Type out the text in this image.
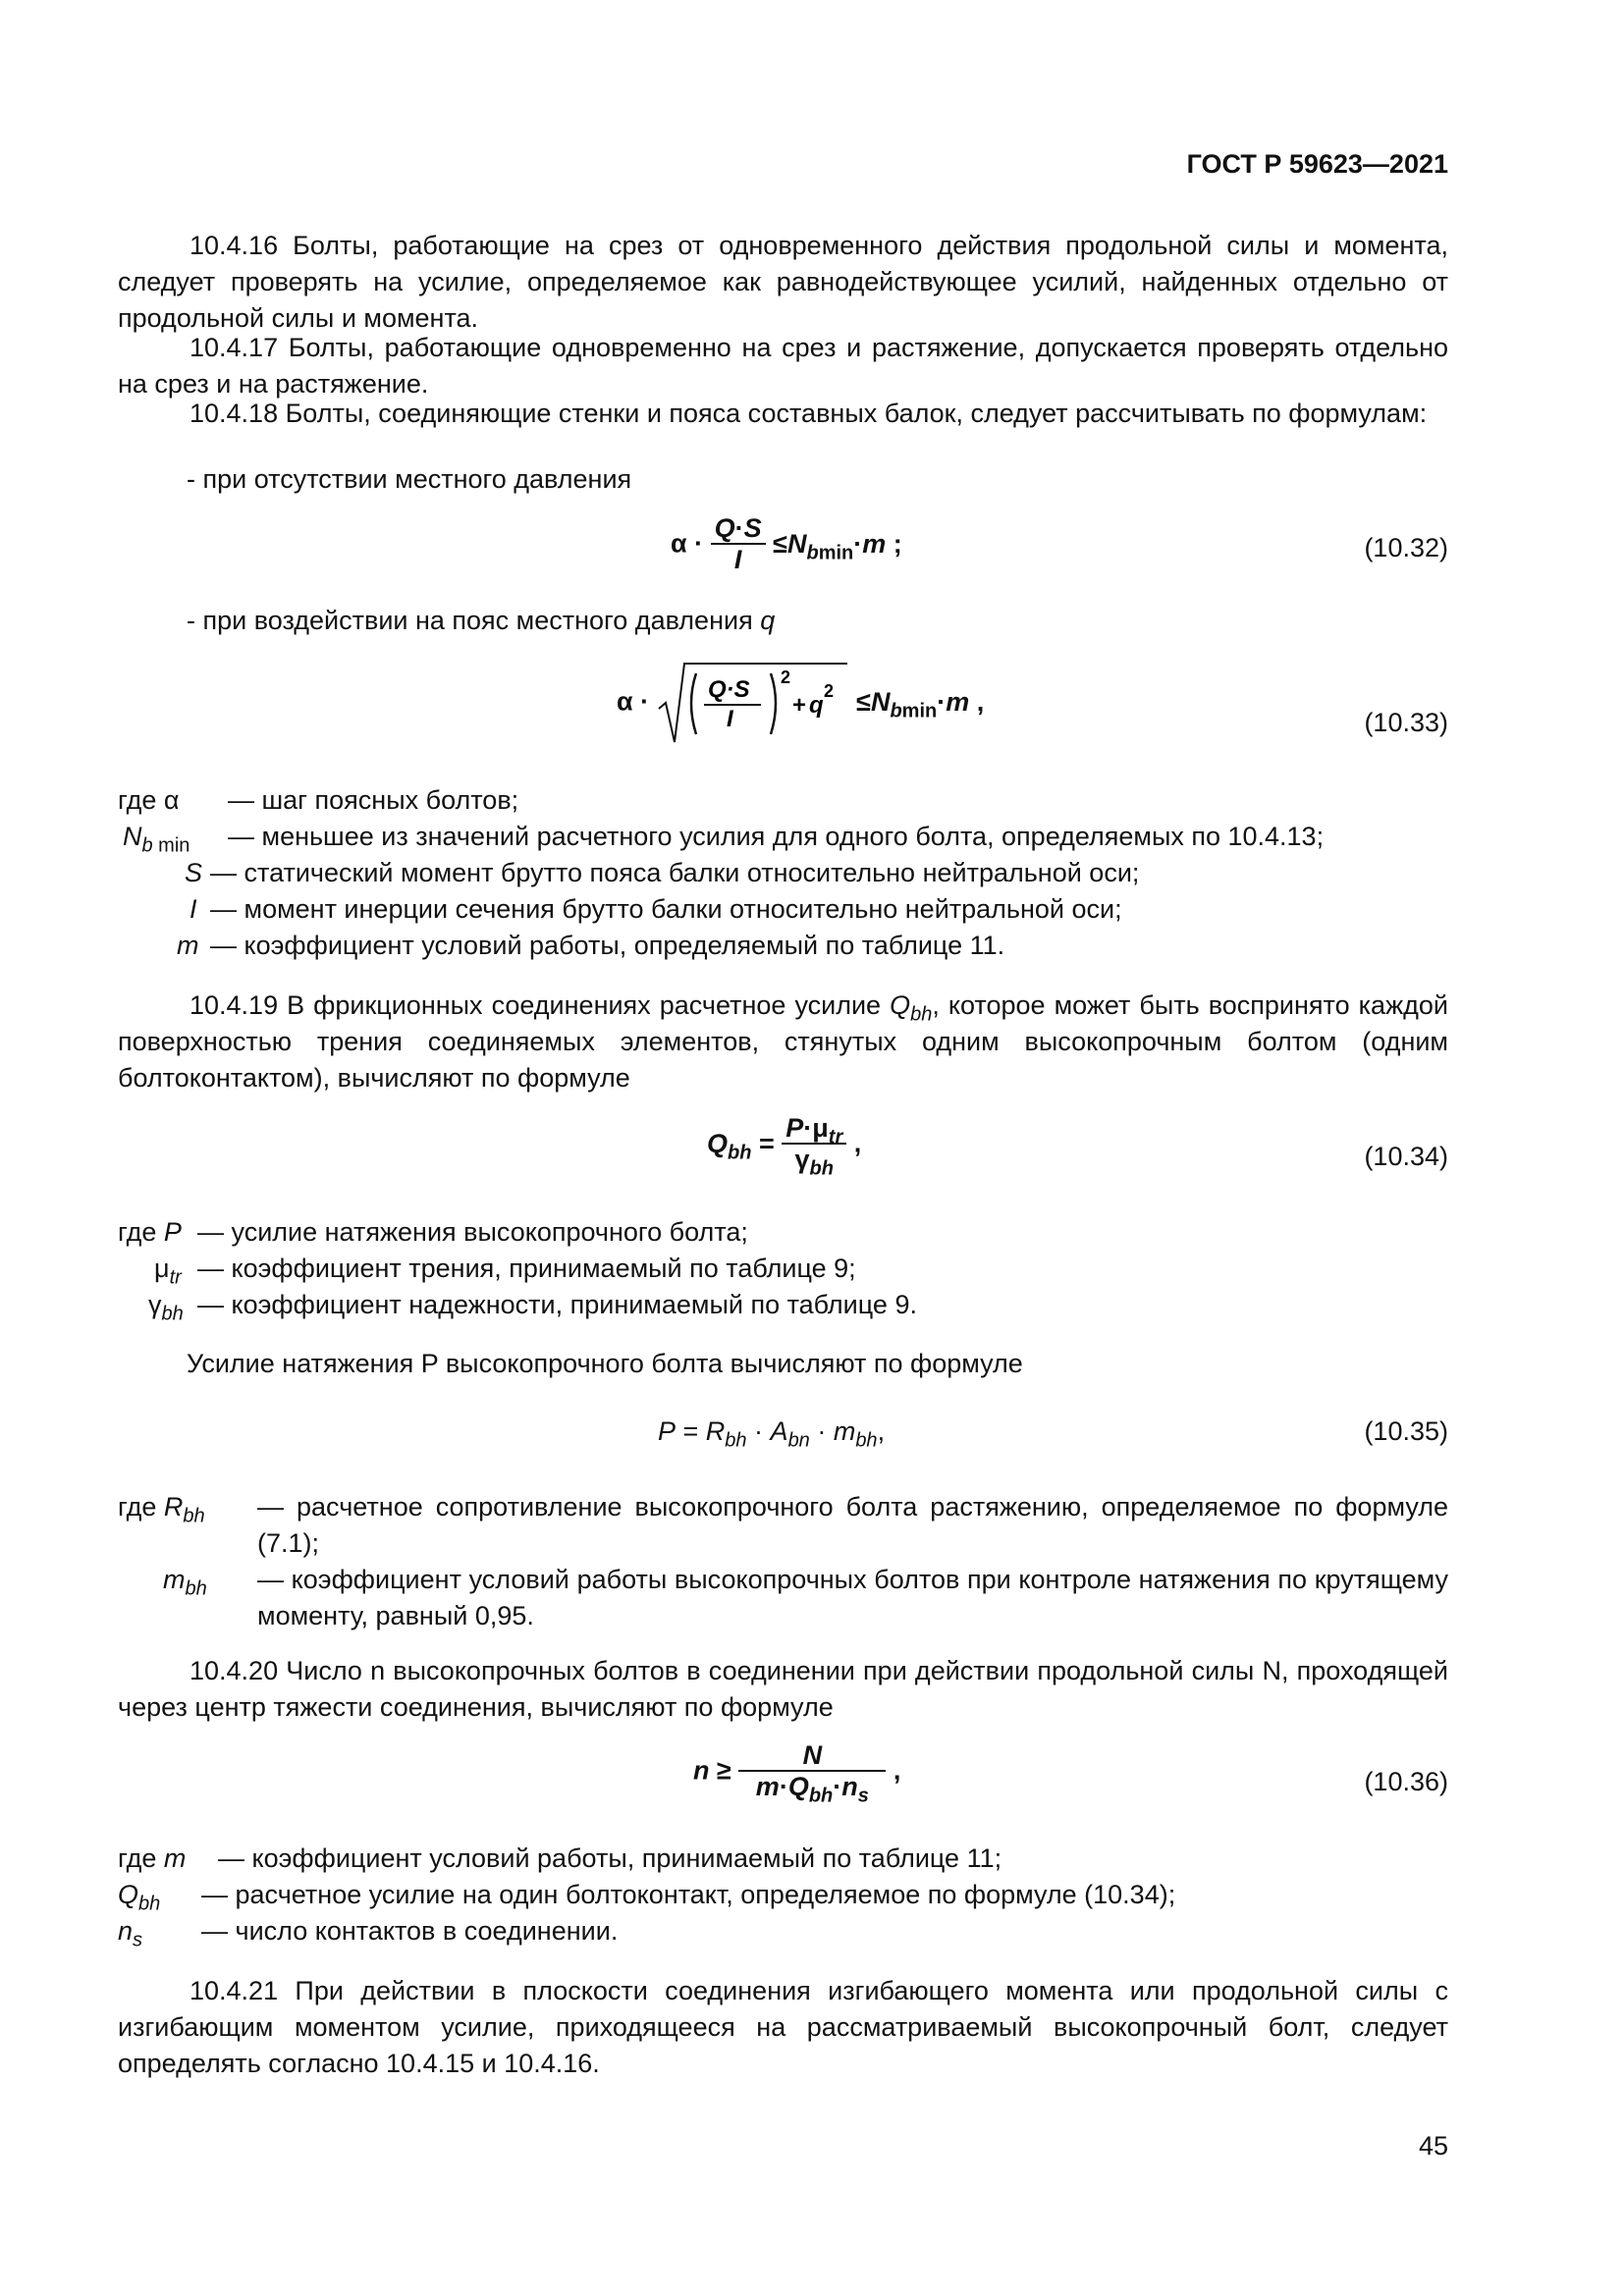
ГОСТ Р 59623—2021
10.4.16 Болты, работающие на срез от одновременного действия продольной силы и момента, следует проверять на усилие, определяемое как равнодействующее усилий, найденных отдельно от продольной силы и момента.
10.4.17 Болты, работающие одновременно на срез и растяжение, допускается проверять отдельно на срез и на растяжение.
10.4.18 Болты, соединяющие стенки и пояса составных балок, следует рассчитывать по формулам:
- при отсутствии местного давления
$\alpha \cdot \frac{Q\cdot S}{I} \le N_{bmin}\cdot m$ ;	(10.32)
- при воздействии на пояс местного давления q
α · Q·S
I
2
+ q
$2 \le N_{bmin}\cdot m$ ,
(10.33)
где α — шаг поясных болтов;
$N_{b min}$ — меньшее из значений расчетного усилия для одного болта, определяемых по 10.4.13;
S — статический момент брутто пояса балки относительно нейтральной оси;
I — момент инерции сечения брутто балки относительно нейтральной оси;
m — коэффициент условий работы, определяемый по таблице 11.
10.4.19 В фрикционных соединениях расчетное усилие $Q_{bh}$, которое может быть воспринято каждой поверхностью трения соединяемых элементов, стянутых одним высокопрочным болтом (одним болтоконтактом), вычисляют по формуле
$Q_{bh} = \frac{P\cdot\mu_{tr}}{\gamma_{bh}}$ ,	(10.34)
где P — усилие натяжения высокопрочного болта;
$\mu_{tr}$ — коэффициент трения, принимаемый по таблице 9;
$\gamma_{bh}$ — коэффициент надежности, принимаемый по таблице 9.
Усилие натяжения P высокопрочного болта вычисляют по формуле
$P = R_{bh} \cdot A_{bn} \cdot m_{bh}$,	(10.35)
где $R_{bh}$ — расчетное сопротивление высокопрочного болта растяжению, определяемое по формуле (7.1);
$m_{bh}$ — коэффициент условий работы высокопрочных болтов при контроле натяжения по крутящему моменту, равный 0,95.
10.4.20 Число n высокопрочных болтов в соединении при действии продольной силы N, проходящей через центр тяжести соединения, вычисляют по формуле
$n \ge \frac{N}{m\cdot Q_{bh}\cdot n_s}$ ,	(10.36)
где m — коэффициент условий работы, принимаемый по таблице 11;
$Q_{bh}$ — расчетное усилие на один болтоконтакт, определяемое по формуле (10.34);
$n_s$ — число контактов в соединении.
10.4.21 При действии в плоскости соединения изгибающего момента или продольной силы с изгибающим моментом усилие, приходящееся на рассматриваемый высокопрочный болт, следует определять согласно 10.4.15 и 10.4.16.
45
